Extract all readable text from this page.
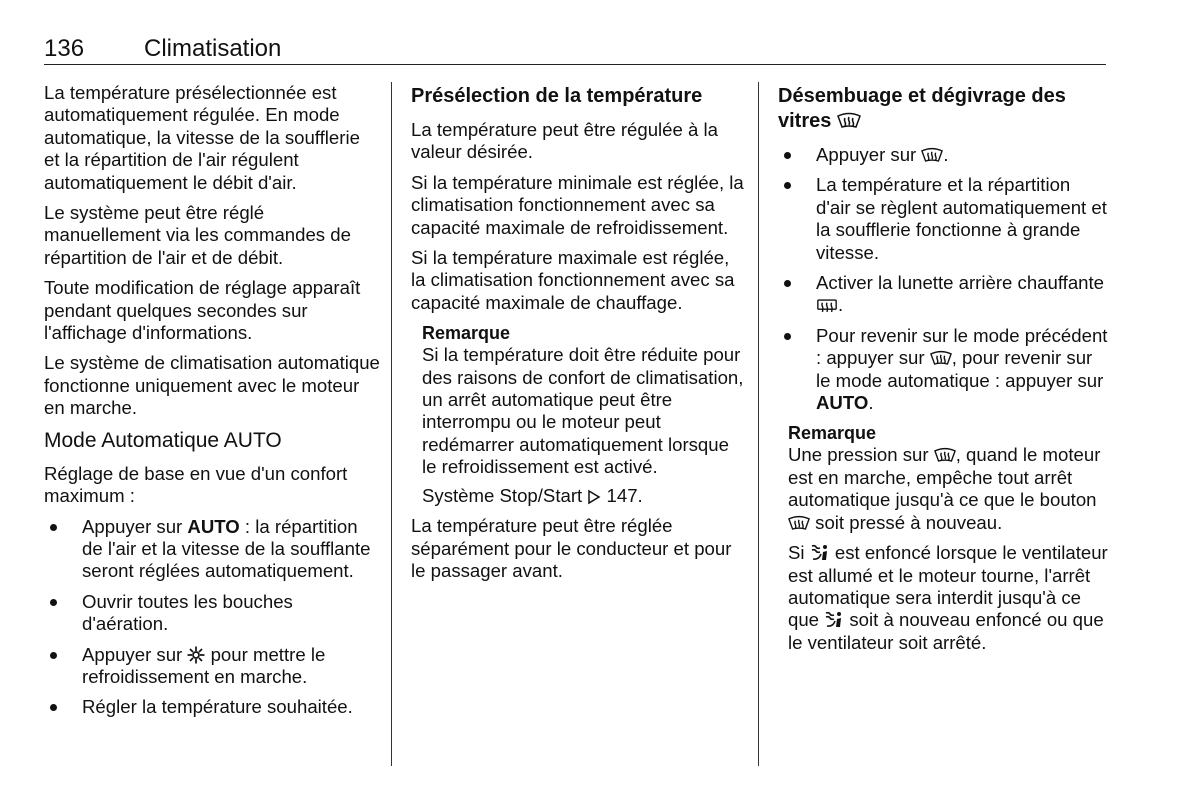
136 Climatisation

La température présélectionnée est automatiquement régulée. En mode automatique, la vitesse de la soufflerie et la répartition de l'air régulent automatiquement le débit d'air.

Le système peut être réglé manuellement via les commandes de répartition de l'air et de débit.

Toute modification de réglage apparaît pendant quelques secondes sur l'affichage d'informations.

Le système de climatisation automatique fonctionne uniquement avec le moteur en marche.

Mode Automatique AUTO

Réglage de base en vue d'un confort maximum :

Appuyer sur AUTO : la répartition de l'air et la vitesse de la soufflante seront réglées automatiquement.
Ouvrir toutes les bouches d'aération.
Appuyer sur  pour mettre le refroidissement en marche.
Régler la température souhaitée.
Présélection de la température

La température peut être régulée à la valeur désirée.

Si la température minimale est réglée, la climatisation fonctionnement avec sa capacité maximale de refroidissement.

Si la température maximale est réglée, la climatisation fonctionnement avec sa capacité maximale de chauffage.

Remarque

Si la température doit être réduite pour des raisons de confort de climatisation, un arrêt automatique peut être interrompu ou le moteur peut redémarrer automatiquement lorsque le refroidissement est activé.

Système Stop/Start 147.

La température peut être réglée séparément pour le conducteur et pour le passager avant.

Désembuage et dégivrage des vitres
Appuyer sur .
La température et la répartition d'air se règlent automatiquement et la soufflerie fonctionne à grande vitesse.
Activer la lunette arrière chauffante .
Pour revenir sur le mode précédent : appuyer sur , pour revenir sur le mode automatique : appuyer sur AUTO.
Remarque

Une pression sur , quand le moteur est en marche, empêche tout arrêt automatique jusqu'à ce que le bouton  soit pressé à nouveau.

Si  est enfoncé lorsque le ventilateur est allumé et le moteur tourne, l'arrêt automatique sera interdit jusqu'à ce que  soit à nouveau enfoncé ou que le ventilateur soit arrêté.
